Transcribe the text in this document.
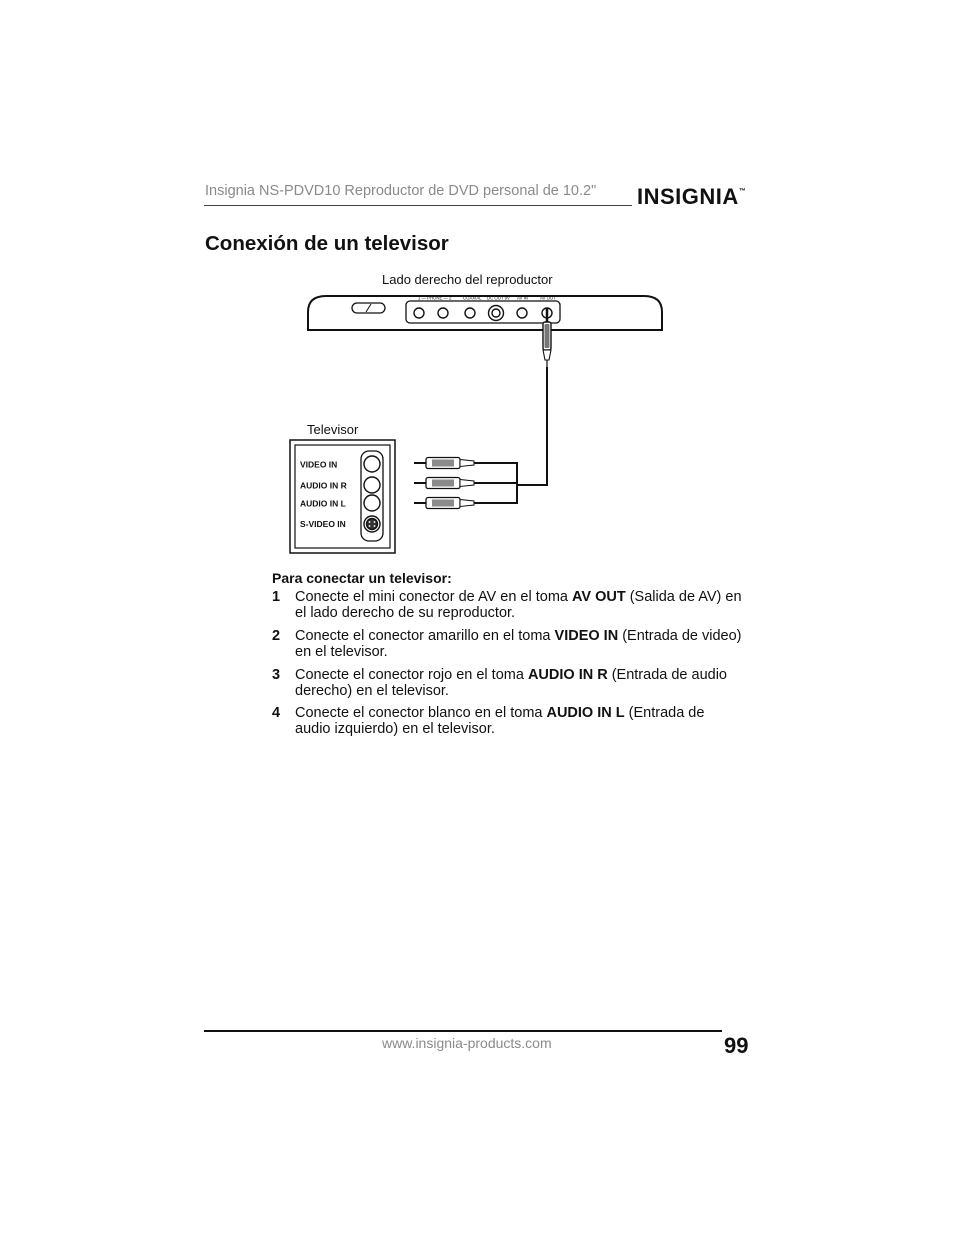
Insignia NS-PDVD10 Reproductor de DVD personal de 10.2" INSIGNIA™
Conexión de un televisor
Lado derecho del reproductor
Televisor
1 — PHONE — 2	COAXIAL DC OUT 9V AV IN	AV OUT
VIDEO IN
AUDIO IN R
AUDIO IN L
S-VIDEO IN
Para conectar un televisor:
1 Conecte el mini conector de AV en el toma AV OUT (Salida de AV) en el lado derecho de su reproductor.
2 Conecte el conector amarillo en el toma VIDEO IN (Entrada de video) en el televisor.
3 Conecte el conector rojo en el toma AUDIO IN R (Entrada de audio derecho) en el televisor.
4 Conecte el conector blanco en el toma AUDIO IN L (Entrada de audio izquierdo) en el televisor.
www.insignia-products.com	99
